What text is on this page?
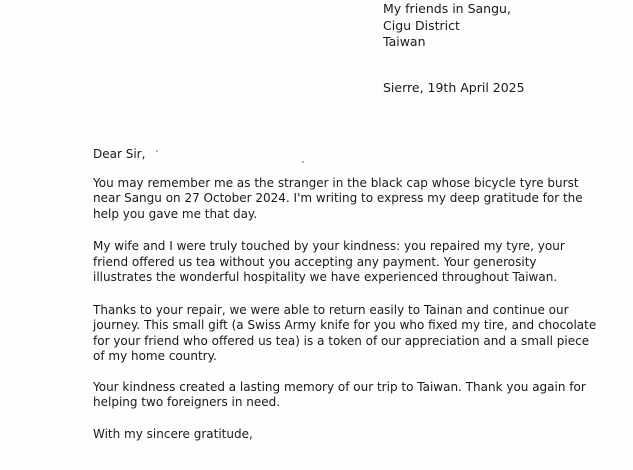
My friends in Sangu,
Cigu District
Taiwan
Sierre, 19th April 2025
Dear Sir,
You may remember me as the stranger in the black cap whose bicycle tyre burst
near Sangu on 27 October 2024. I'm writing to express my deep gratitude for the
help you gave me that day.
My wife and I were truly touched by your kindness: you repaired my tyre, your
friend offered us tea without you accepting any payment. Your generosity
illustrates the wonderful hospitality we have experienced throughout Taiwan.
Thanks to your repair, we were able to return easily to Tainan and continue our
journey. This small gift (a Swiss Army knife for you who fixed my tire, and chocolate
for your friend who offered us tea) is a token of our appreciation and a small piece
of my home country.
Your kindness created a lasting memory of our trip to Taiwan. Thank you again for
helping two foreigners in need.
With my sincere gratitude,
